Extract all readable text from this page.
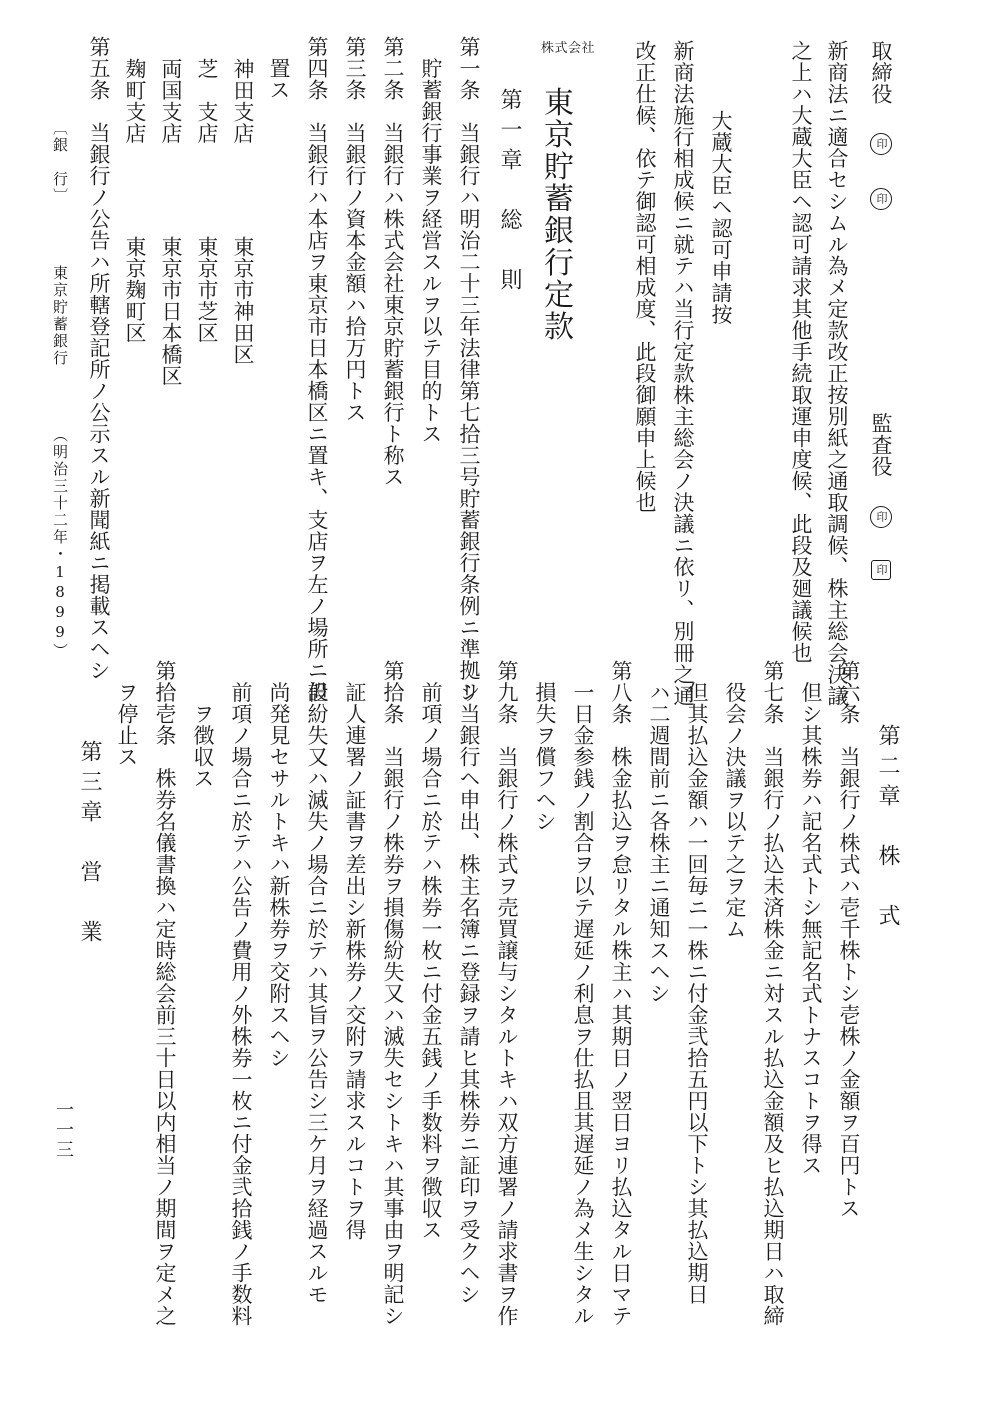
取締役 印 印  監査役 印 印
新商法ニ適合セシムル為メ定款改正按別紙之通取調候、株主総会決議
之上ハ大蔵大臣ヘ認可請求其他手続取運申度候、此段及廻議候也
大蔵大臣ヘ認可申請按
新商法施行相成候ニ就テハ当行定款株主総会ノ決議ニ依リ、別冊之通
改正仕候、依テ御認可相成度、此段御願申上候也
株式会社 東京貯蓄銀行定款
第一章　総　則
第一条　当銀行ハ明治二十三年法律第七拾三号貯蓄銀行条例ニ準拠シ
　貯蓄銀行事業ヲ経営スルヲ以テ目的トス
第二条　当銀行ハ株式会社東京貯蓄銀行ト称ス
第三条　当銀行ノ資本金額ハ拾万円トス
第四条　当銀行ハ本店ヲ東京市日本橋区ニ置キ、支店ヲ左ノ場所ニ設
　置ス
神田支店
東京市神田区
芝　支店
東京市芝区
両国支店
東京市日本橋区
麹町支店
東京麹町区
第五条　当銀行ノ公告ハ所轄登記所ノ公示スル新聞紙ニ掲載スヘシ
〔銀　行〕  東京貯蓄銀行  （明治三十二年・1899）
第二章　株　式
第六条　当銀行ノ株式ハ壱千株トシ壱株ノ金額ヲ百円トス
　但シ其株券ハ記名式トシ無記名式トナスコトヲ得ス
第七条　当銀行ノ払込未済株金ニ対スル払込金額及ヒ払込期日ハ取締
　役会ノ決議ヲ以テ之ヲ定ム
　但其払込金額ハ一回毎ニ一株ニ付金弐拾五円以下トシ其払込期日
　ハ二週間前ニ各株主ニ通知スヘシ
第八条　株金払込ヲ怠リタル株主ハ其期日ノ翌日ヨリ払込タル日マテ
　一日金参銭ノ割合ヲ以テ遅延ノ利息ヲ仕払且其遅延ノ為メ生シタル
　損失ヲ償フヘシ
第九条　当銀行ノ株式ヲ売買譲与シタルトキハ双方連署ノ請求書ヲ作
　リ当銀行ヘ申出、株主名簿ニ登録ヲ請ヒ其株券ニ証印ヲ受クヘシ
　前項ノ場合ニ於テハ株券一枚ニ付金五銭ノ手数料ヲ徴収ス
第拾条　当銀行ノ株券ヲ損傷紛失又ハ滅失セシトキハ其事由ヲ明記シ
　証人連署ノ証書ヲ差出シ新株券ノ交附ヲ請求スルコトヲ得
　但紛失又ハ滅失ノ場合ニ於テハ其旨ヲ公告シ三ケ月ヲ経過スルモ
　尚発見セサルトキハ新株券ヲ交附スヘシ
　前項ノ場合ニ於テハ公告ノ費用ノ外株券一枚ニ付金弐拾銭ノ手数料
　　ヲ徴収ス
第拾壱条　株券名儀書換ハ定時総会前三十日以内相当ノ期間ヲ定メ之
　ヲ停止ス
第三章　営　業
一一三
